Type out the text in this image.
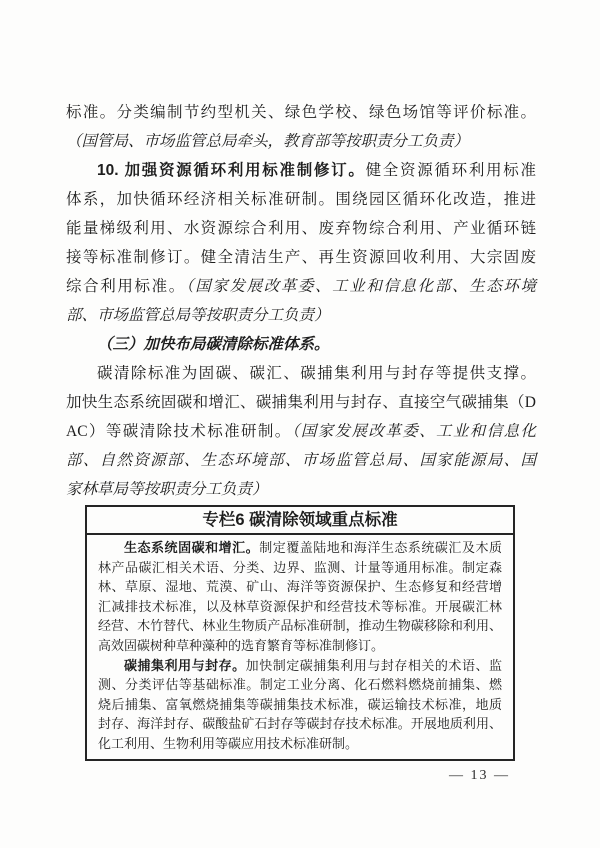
标准。分类编制节约型机关、绿色学校、绿色场馆等评价标准。
（国管局、市场监管总局牵头，教育部等按职责分工负责）
10. 加强资源循环利用标准制修订。健全资源循环利用标准
体系，加快循环经济相关标准研制。围绕园区循环化改造，推进
能量梯级利用、水资源综合利用、废弃物综合利用、产业循环链
接等标准制修订。健全清洁生产、再生资源回收利用、大宗固废
综合利用标准。（国家发展改革委、工业和信息化部、生态环境
部、市场监管总局等按职责分工负责）
（三）加快布局碳清除标准体系。
碳清除标准为固碳、碳汇、碳捕集利用与封存等提供支撑。
加快生态系统固碳和增汇、碳捕集利用与封存、直接空气碳捕集（D
AC）等碳清除技术标准研制。（国家发展改革委、工业和信息化
部、自然资源部、生态环境部、市场监管总局、国家能源局、国
家林草局等按职责分工负责）
专栏6 碳清除领域重点标准
生态系统固碳和增汇。制定覆盖陆地和海洋生态系统碳汇及木质
林产品碳汇相关术语、分类、边界、监测、计量等通用标准。制定森
林、草原、湿地、荒漠、矿山、海洋等资源保护、生态修复和经营增
汇减排技术标准，以及林草资源保护和经营技术等标准。开展碳汇林
经营、木竹替代、林业生物质产品标准研制，推动生物碳移除和利用、
高效固碳树种草种藻种的选育繁育等标准制修订。
碳捕集利用与封存。加快制定碳捕集利用与封存相关的术语、监
测、分类评估等基础标准。制定工业分离、化石燃料燃烧前捕集、燃
烧后捕集、富氧燃烧捕集等碳捕集技术标准，碳运输技术标准，地质
封存、海洋封存、碳酸盐矿石封存等碳封存技术标准。开展地质利用、
化工利用、生物利用等碳应用技术标准研制。
— 13 —
